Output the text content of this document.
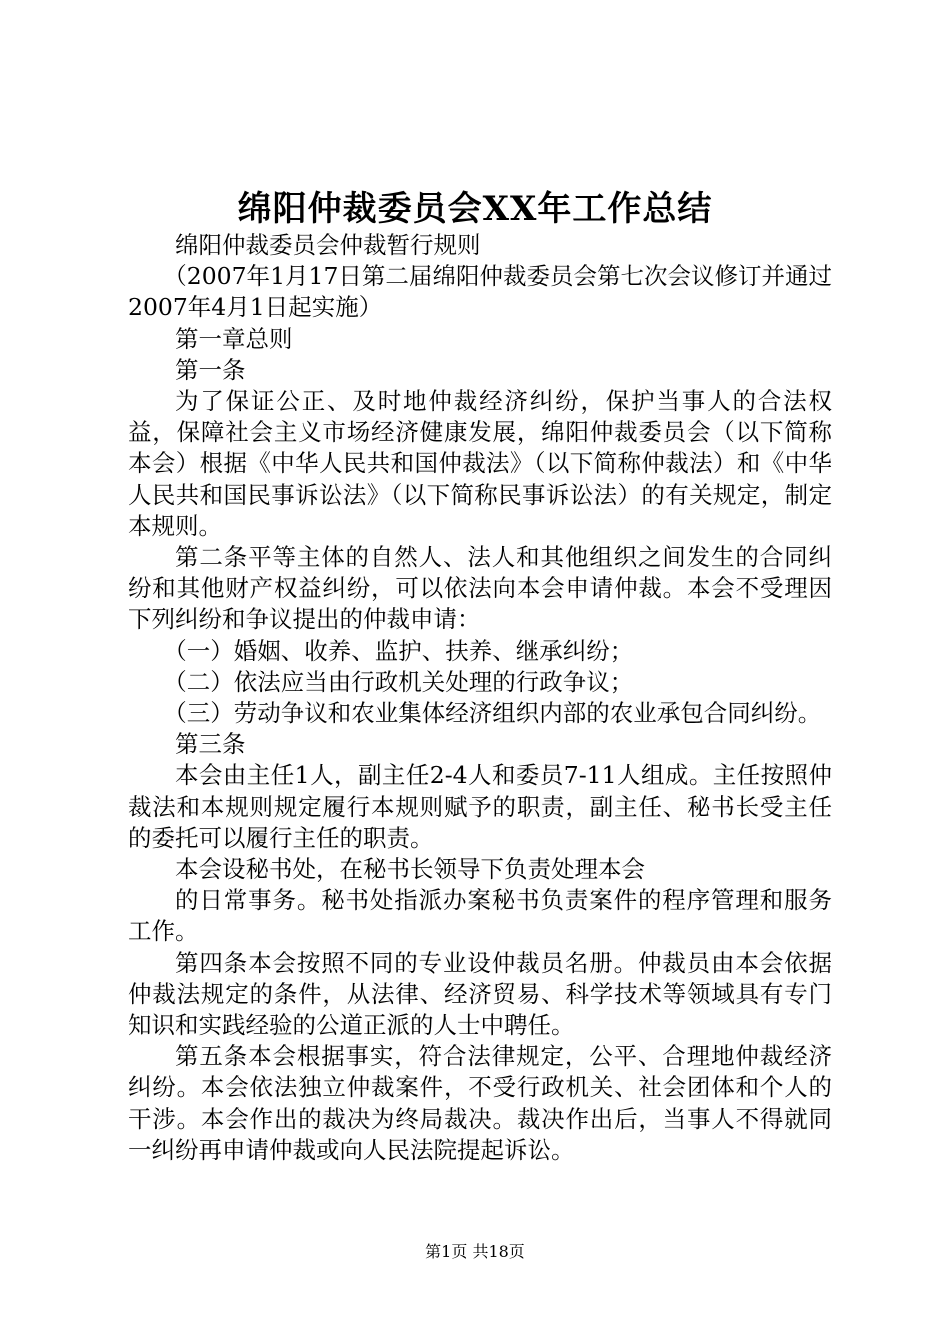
绵阳仲裁委员会XX年工作总结

绵阳仲裁委员会仲裁暂行规则

（2007年1月17日第二届绵阳仲裁委员会第七次会议修订并通过2007年4月1日起实施）

第一章总则

第一条

为了保证公正、及时地仲裁经济纠纷，保护当事人的合法权益，保障社会主义市场经济健康发展，绵阳仲裁委员会（以下简称本会）根据《中华人民共和国仲裁法》（以下简称仲裁法）和《中华人民共和国民事诉讼法》（以下简称民事诉讼法）的有关规定，制定本规则。

第二条平等主体的自然人、法人和其他组织之间发生的合同纠纷和其他财产权益纠纷，可以依法向本会申请仲裁。本会不受理因下列纠纷和争议提出的仲裁申请：

（一）婚姻、收养、监护、扶养、继承纠纷；

（二）依法应当由行政机关处理的行政争议；

（三）劳动争议和农业集体经济组织内部的农业承包合同纠纷。

第三条

本会由主任1人，副主任2-4人和委员7-11人组成。主任按照仲裁法和本规则规定履行本规则赋予的职责，副主任、秘书长受主任的委托可以履行主任的职责。

本会设秘书处，在秘书长领导下负责处理本会

的日常事务。秘书处指派办案秘书负责案件的程序管理和服务工作。

第四条本会按照不同的专业设仲裁员名册。仲裁员由本会依据仲裁法规定的条件，从法律、经济贸易、科学技术等领域具有专门知识和实践经验的公道正派的人士中聘任。

第五条本会根据事实，符合法律规定，公平、合理地仲裁经济纠纷。本会依法独立仲裁案件，不受行政机关、社会团体和个人的干涉。本会作出的裁决为终局裁决。裁决作出后，当事人不得就同一纠纷再申请仲裁或向人民法院提起诉讼。

第1页 共18页
